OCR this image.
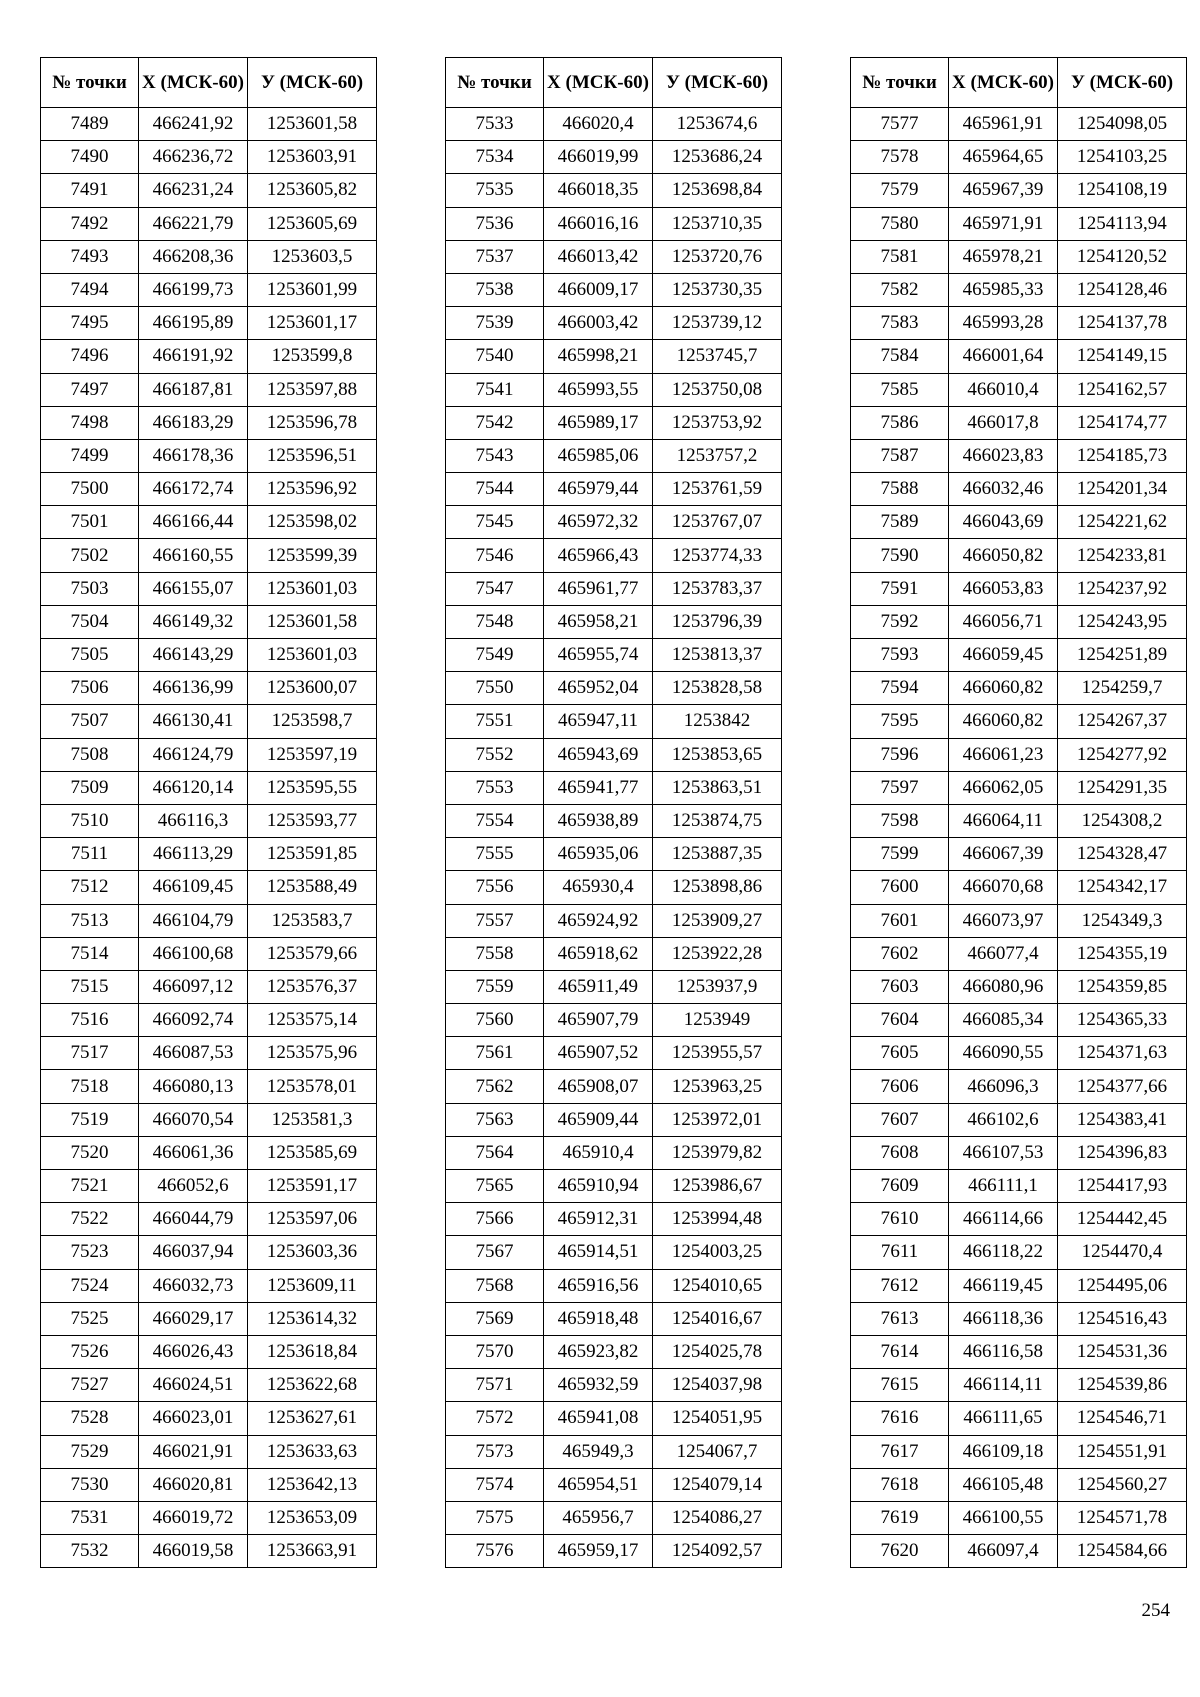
№ точки	Х (МСК-60)	У (МСК-60)
7489	466241,92	1253601,58
7490	466236,72	1253603,91
7491	466231,24	1253605,82
7492	466221,79	1253605,69
7493	466208,36	1253603,5
7494	466199,73	1253601,99
7495	466195,89	1253601,17
7496	466191,92	1253599,8
7497	466187,81	1253597,88
7498	466183,29	1253596,78
7499	466178,36	1253596,51
7500	466172,74	1253596,92
7501	466166,44	1253598,02
7502	466160,55	1253599,39
7503	466155,07	1253601,03
7504	466149,32	1253601,58
7505	466143,29	1253601,03
7506	466136,99	1253600,07
7507	466130,41	1253598,7
7508	466124,79	1253597,19
7509	466120,14	1253595,55
7510	466116,3	1253593,77
7511	466113,29	1253591,85
7512	466109,45	1253588,49
7513	466104,79	1253583,7
7514	466100,68	1253579,66
7515	466097,12	1253576,37
7516	466092,74	1253575,14
7517	466087,53	1253575,96
7518	466080,13	1253578,01
7519	466070,54	1253581,3
7520	466061,36	1253585,69
7521	466052,6	1253591,17
7522	466044,79	1253597,06
7523	466037,94	1253603,36
7524	466032,73	1253609,11
7525	466029,17	1253614,32
7526	466026,43	1253618,84
7527	466024,51	1253622,68
7528	466023,01	1253627,61
7529	466021,91	1253633,63
7530	466020,81	1253642,13
7531	466019,72	1253653,09
7532	466019,58	1253663,91
№ точки	Х (МСК-60)	У (МСК-60)
7533	466020,4	1253674,6
7534	466019,99	1253686,24
7535	466018,35	1253698,84
7536	466016,16	1253710,35
7537	466013,42	1253720,76
7538	466009,17	1253730,35
7539	466003,42	1253739,12
7540	465998,21	1253745,7
7541	465993,55	1253750,08
7542	465989,17	1253753,92
7543	465985,06	1253757,2
7544	465979,44	1253761,59
7545	465972,32	1253767,07
7546	465966,43	1253774,33
7547	465961,77	1253783,37
7548	465958,21	1253796,39
7549	465955,74	1253813,37
7550	465952,04	1253828,58
7551	465947,11	1253842
7552	465943,69	1253853,65
7553	465941,77	1253863,51
7554	465938,89	1253874,75
7555	465935,06	1253887,35
7556	465930,4	1253898,86
7557	465924,92	1253909,27
7558	465918,62	1253922,28
7559	465911,49	1253937,9
7560	465907,79	1253949
7561	465907,52	1253955,57
7562	465908,07	1253963,25
7563	465909,44	1253972,01
7564	465910,4	1253979,82
7565	465910,94	1253986,67
7566	465912,31	1253994,48
7567	465914,51	1254003,25
7568	465916,56	1254010,65
7569	465918,48	1254016,67
7570	465923,82	1254025,78
7571	465932,59	1254037,98
7572	465941,08	1254051,95
7573	465949,3	1254067,7
7574	465954,51	1254079,14
7575	465956,7	1254086,27
7576	465959,17	1254092,57
№ точки	Х (МСК-60)	У (МСК-60)
7577	465961,91	1254098,05
7578	465964,65	1254103,25
7579	465967,39	1254108,19
7580	465971,91	1254113,94
7581	465978,21	1254120,52
7582	465985,33	1254128,46
7583	465993,28	1254137,78
7584	466001,64	1254149,15
7585	466010,4	1254162,57
7586	466017,8	1254174,77
7587	466023,83	1254185,73
7588	466032,46	1254201,34
7589	466043,69	1254221,62
7590	466050,82	1254233,81
7591	466053,83	1254237,92
7592	466056,71	1254243,95
7593	466059,45	1254251,89
7594	466060,82	1254259,7
7595	466060,82	1254267,37
7596	466061,23	1254277,92
7597	466062,05	1254291,35
7598	466064,11	1254308,2
7599	466067,39	1254328,47
7600	466070,68	1254342,17
7601	466073,97	1254349,3
7602	466077,4	1254355,19
7603	466080,96	1254359,85
7604	466085,34	1254365,33
7605	466090,55	1254371,63
7606	466096,3	1254377,66
7607	466102,6	1254383,41
7608	466107,53	1254396,83
7609	466111,1	1254417,93
7610	466114,66	1254442,45
7611	466118,22	1254470,4
7612	466119,45	1254495,06
7613	466118,36	1254516,43
7614	466116,58	1254531,36
7615	466114,11	1254539,86
7616	466111,65	1254546,71
7617	466109,18	1254551,91
7618	466105,48	1254560,27
7619	466100,55	1254571,78
7620	466097,4	1254584,66
254
